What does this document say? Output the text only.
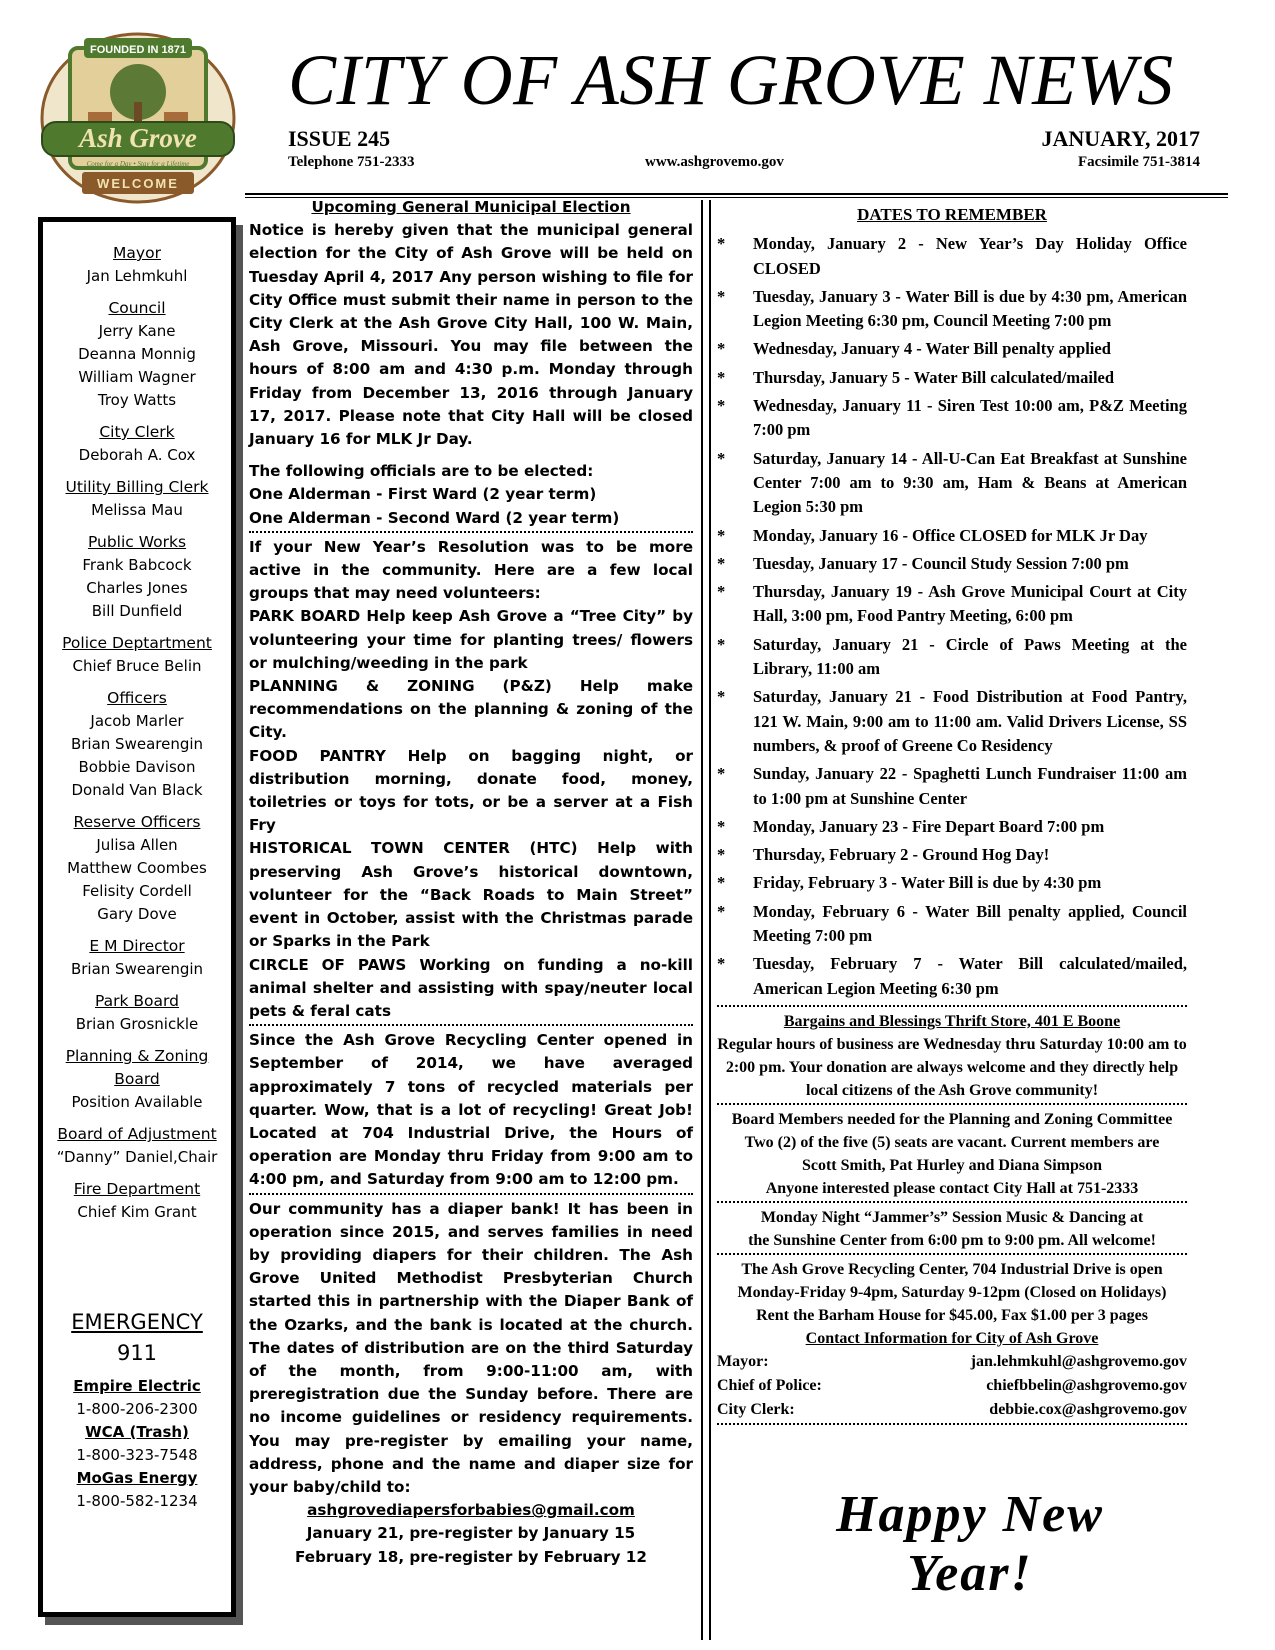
FOUNDED IN 1871
Ash Grove
Come for a Day • Stay for a Lifetime
WELCOME
CITY OF ASH GROVE NEWS
ISSUE 245	JANUARY, 2017
Telephone 751-2333	www.ashgrovemo.gov	Facsimile 751-3814
Mayor
Jan Lehmkuhl
Council
Jerry Kane
Deanna Monnig
William Wagner
Troy Watts
City Clerk
Deborah A. Cox
Utility Billing Clerk
Melissa Mau
Public Works
Frank Babcock
Charles Jones
Bill Dunfield
Police Deptartment
Chief Bruce Belin
Officers
Jacob Marler
Brian Swearengin
Bobbie Davison
Donald Van Black
Reserve Officers
Julisa Allen
Matthew Coombes
Felisity Cordell
Gary Dove
E M Director
Brian Swearengin
Park Board
Brian Grosnickle
Planning & Zoning Board
Position Available
Board of Adjustment
“Danny” Daniel,Chair
Fire Department
Chief Kim Grant
EMERGENCY
911
Empire Electric
1-800-206-2300
WCA (Trash)
1-800-323-7548
MoGas Energy
1-800-582-1234

Upcoming General Municipal Election

Notice is hereby given that the municipal general election for the City of Ash Grove will be held on Tuesday April 4, 2017 Any person wishing to file for City Office must submit their name in person to the City Clerk at the Ash Grove City Hall, 100 W. Main, Ash Grove, Missouri. You may file between the hours of 8:00 am and 4:30 p.m. Monday through Friday from December 13, 2016 through January 17, 2017. Please note that City Hall will be closed January 16 for MLK Jr Day.

The following officials are to be elected:

One Alderman - First Ward (2 year term)

One Alderman - Second Ward (2 year term)

If your New Year’s Resolution was to be more active in the community. Here are a few local groups that may need volunteers:

PARK BOARD Help keep Ash Grove a “Tree City” by volunteering your time for planting trees/ flowers or mulching/weeding in the park

PLANNING & ZONING (P&Z) Help make recommendations on the planning & zoning of the City.

FOOD PANTRY Help on bagging night, or distribution morning, donate food, money, toiletries or toys for tots, or be a server at a Fish Fry

HISTORICAL TOWN CENTER (HTC) Help with preserving Ash Grove’s historical downtown, volunteer for the “Back Roads to Main Street” event in October, assist with the Christmas parade or Sparks in the Park

CIRCLE OF PAWS Working on funding a no-kill animal shelter and assisting with spay/neuter local pets & feral cats

Since the Ash Grove Recycling Center opened in September of 2014, we have averaged approximately 7 tons of recycled materials per quarter. Wow, that is a lot of recycling! Great Job! Located at 704 Industrial Drive, the Hours of operation are Monday thru Friday from 9:00 am to 4:00 pm, and Saturday from 9:00 am to 12:00 pm.

Our community has a diaper bank! It has been in operation since 2015, and serves families in need by providing diapers for their children. The Ash Grove United Methodist Presbyterian Church started this in partnership with the Diaper Bank of the Ozarks, and the bank is located at the church. The dates of distribution are on the third Saturday of the month, from 9:00-11:00 am, with preregistration due the Sunday before. There are no income guidelines or residency requirements. You may pre-register by emailing your name, address, phone and the name and diaper size for your baby/child to:

ashgrovediapersforbabies@gmail.com

January 21, pre-register by January 15

February 18, pre-register by February 12

DATES TO REMEMBER
* Monday, January 2 - New Year’s Day Holiday Office CLOSED
* Tuesday, January 3 - Water Bill is due by 4:30 pm, American Legion Meeting 6:30 pm, Council Meeting 7:00 pm
* Wednesday, January 4 - Water Bill penalty applied
* Thursday, January 5 - Water Bill calculated/mailed
* Wednesday, January 11 - Siren Test 10:00 am, P&Z Meeting 7:00 pm
* Saturday, January 14 - All-U-Can Eat Breakfast at Sunshine Center 7:00 am to 9:30 am, Ham & Beans at American Legion 5:30 pm
* Monday, January 16 - Office CLOSED for MLK Jr Day
* Tuesday, January 17 - Council Study Session 7:00 pm
* Thursday, January 19 - Ash Grove Municipal Court at City Hall, 3:00 pm, Food Pantry Meeting, 6:00 pm
* Saturday, January 21 - Circle of Paws Meeting at the Library, 11:00 am
* Saturday, January 21 - Food Distribution at Food Pantry, 121 W. Main, 9:00 am to 11:00 am. Valid Drivers License, SS numbers, & proof of Greene Co Residency
* Sunday, January 22 - Spaghetti Lunch Fundraiser 11:00 am to 1:00 pm at Sunshine Center
* Monday, January 23 - Fire Depart Board 7:00 pm
* Thursday, February 2 - Ground Hog Day!
* Friday, February 3 - Water Bill is due by 4:30 pm
* Monday, February 6 - Water Bill penalty applied, Council Meeting 7:00 pm
* Tuesday, February 7 - Water Bill calculated/mailed, American Legion Meeting 6:30 pm
Bargains and Blessings Thrift Store, 401 E Boone
Regular hours of business are Wednesday thru Saturday 10:00 am to 2:00 pm. Your donation are always welcome and they directly help local citizens of the Ash Grove community!
Board Members needed for the Planning and Zoning Committee
Two (2) of the five (5) seats are vacant. Current members are
Scott Smith, Pat Hurley and Diana Simpson
Anyone interested please contact City Hall at 751-2333
Monday Night “Jammer’s” Session Music & Dancing at
the Sunshine Center from 6:00 pm to 9:00 pm. All welcome!
The Ash Grove Recycling Center, 704 Industrial Drive is open
Monday-Friday 9-4pm, Saturday 9-12pm (Closed on Holidays)
Rent the Barham House for $45.00, Fax $1.00 per 3 pages
Contact Information for City of Ash Grove
Mayor:	jan.lehmkuhl@ashgrovemo.gov
Chief of Police:	chiefbbelin@ashgrovemo.gov
City Clerk:	debbie.cox@ashgrovemo.gov
Happy New Year!
